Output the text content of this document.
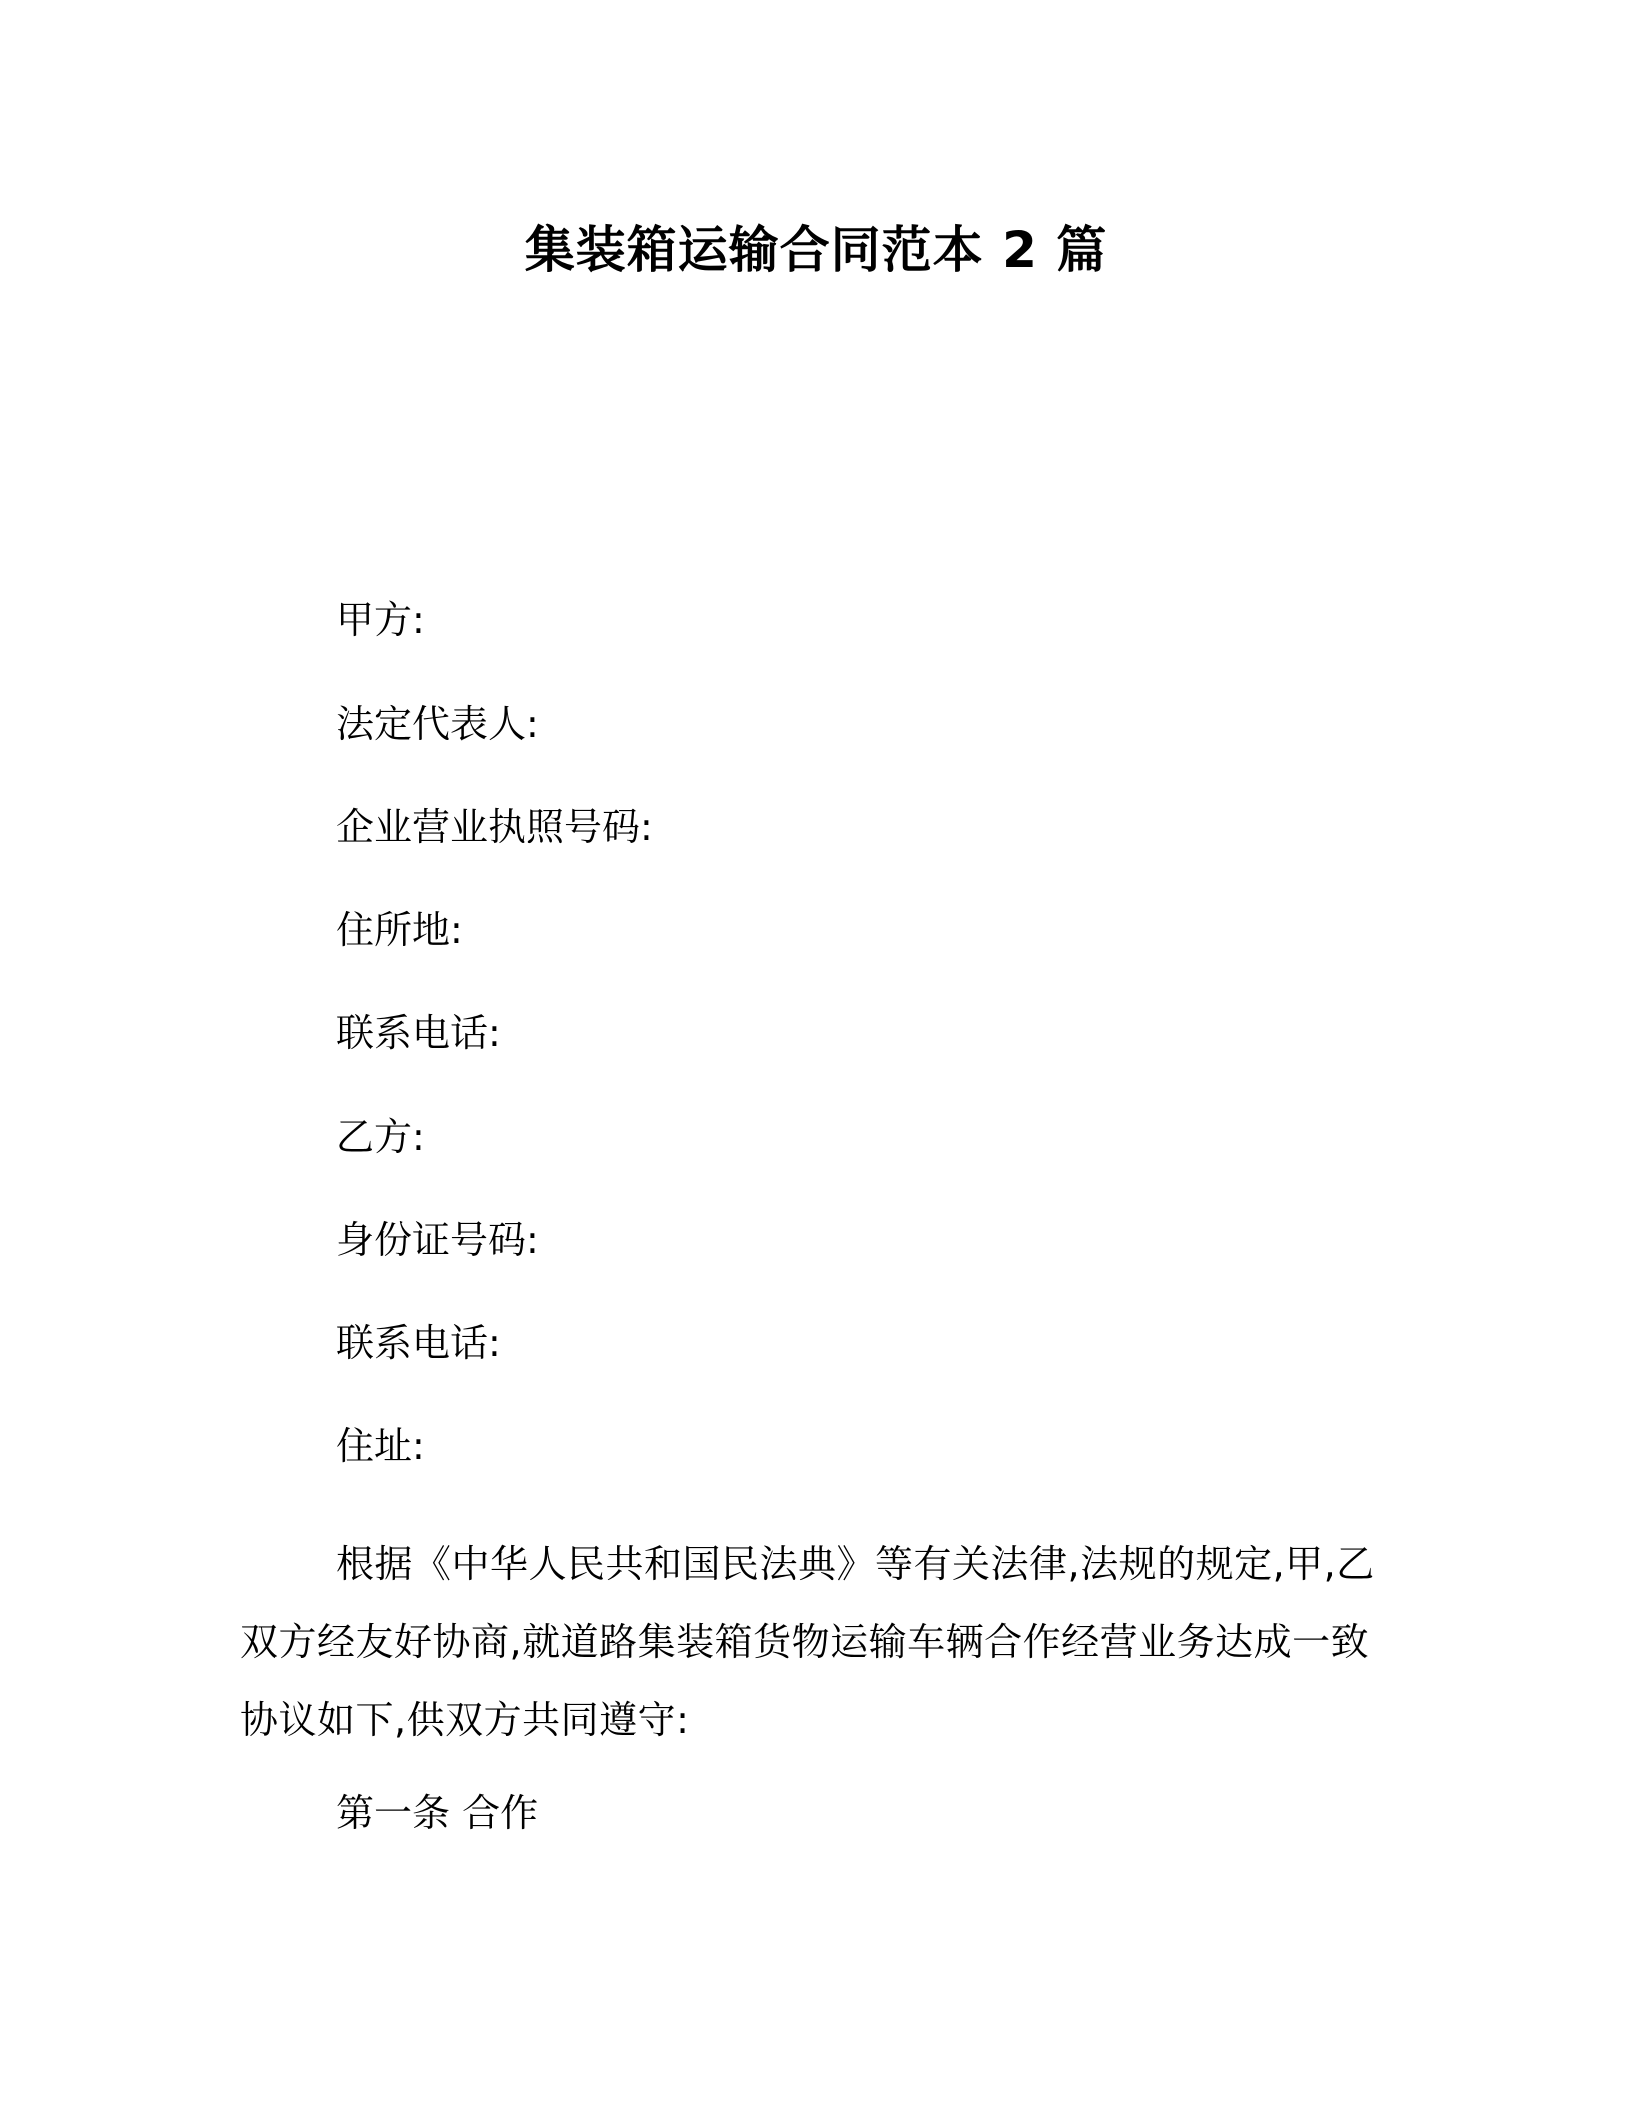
集装箱运输合同范本 2 篇

甲方:

法定代表人:

企业营业执照号码:

住所地:

联系电话:

乙方:

身份证号码:

联系电话:

住址:

根据《中华人民共和国民法典》等有关法律,法规的规定,甲,乙双方经友好协商,就道路集装箱货物运输车辆合作经营业务达成一致协议如下,供双方共同遵守:

第一条 合作
